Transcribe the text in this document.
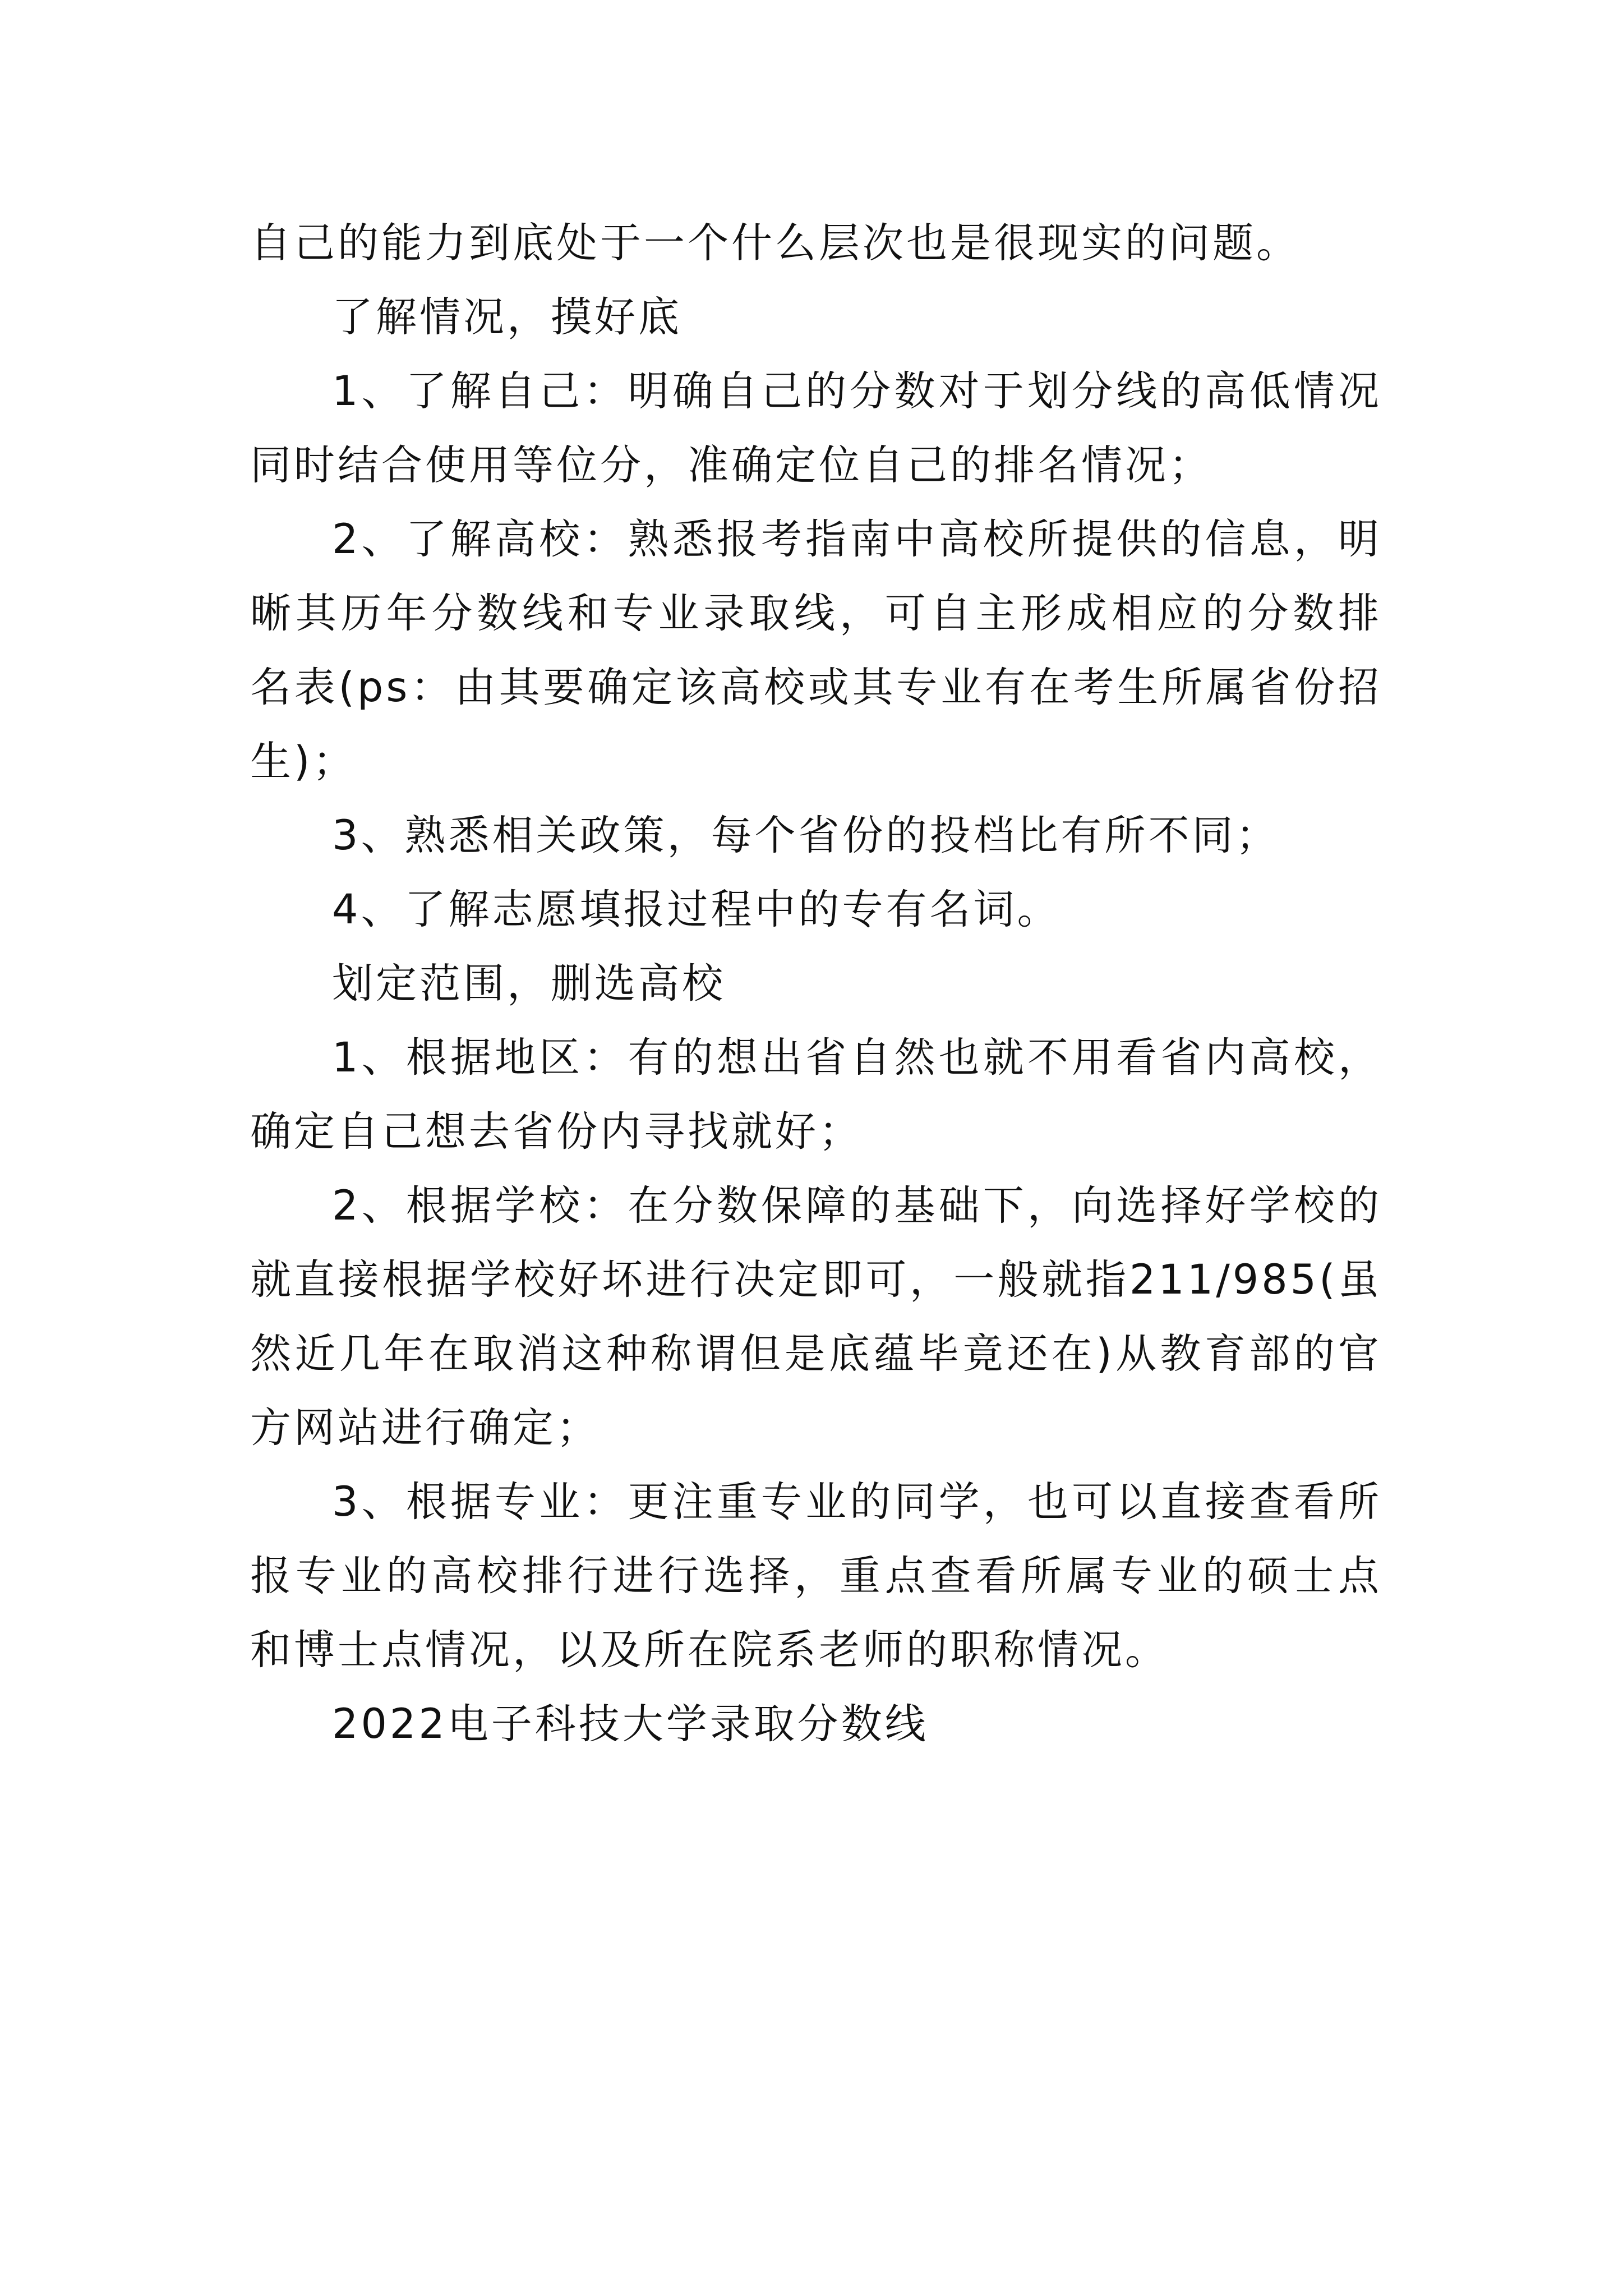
自己的能力到底处于一个什么层次也是很现实的问题。

了解情况，摸好底

1、了解自己：明确自己的分数对于划分线的高低情况同时结合使用等位分，准确定位自己的排名情况；

2、了解高校：熟悉报考指南中高校所提供的信息，明晰其历年分数线和专业录取线，可自主形成相应的分数排名表(ps：由其要确定该高校或其专业有在考生所属省份招生)；

3、熟悉相关政策，每个省份的投档比有所不同；

4、了解志愿填报过程中的专有名词。

划定范围，删选高校

1、根据地区：有的想出省自然也就不用看省内高校，确定自己想去省份内寻找就好；

2、根据学校：在分数保障的基础下，向选择好学校的就直接根据学校好坏进行决定即可，一般就指211/985(虽然近几年在取消这种称谓但是底蕴毕竟还在)从教育部的官方网站进行确定；

3、根据专业：更注重专业的同学，也可以直接查看所报专业的高校排行进行选择，重点查看所属专业的硕士点和博士点情况，以及所在院系老师的职称情况。

2022电子科技大学录取分数线
